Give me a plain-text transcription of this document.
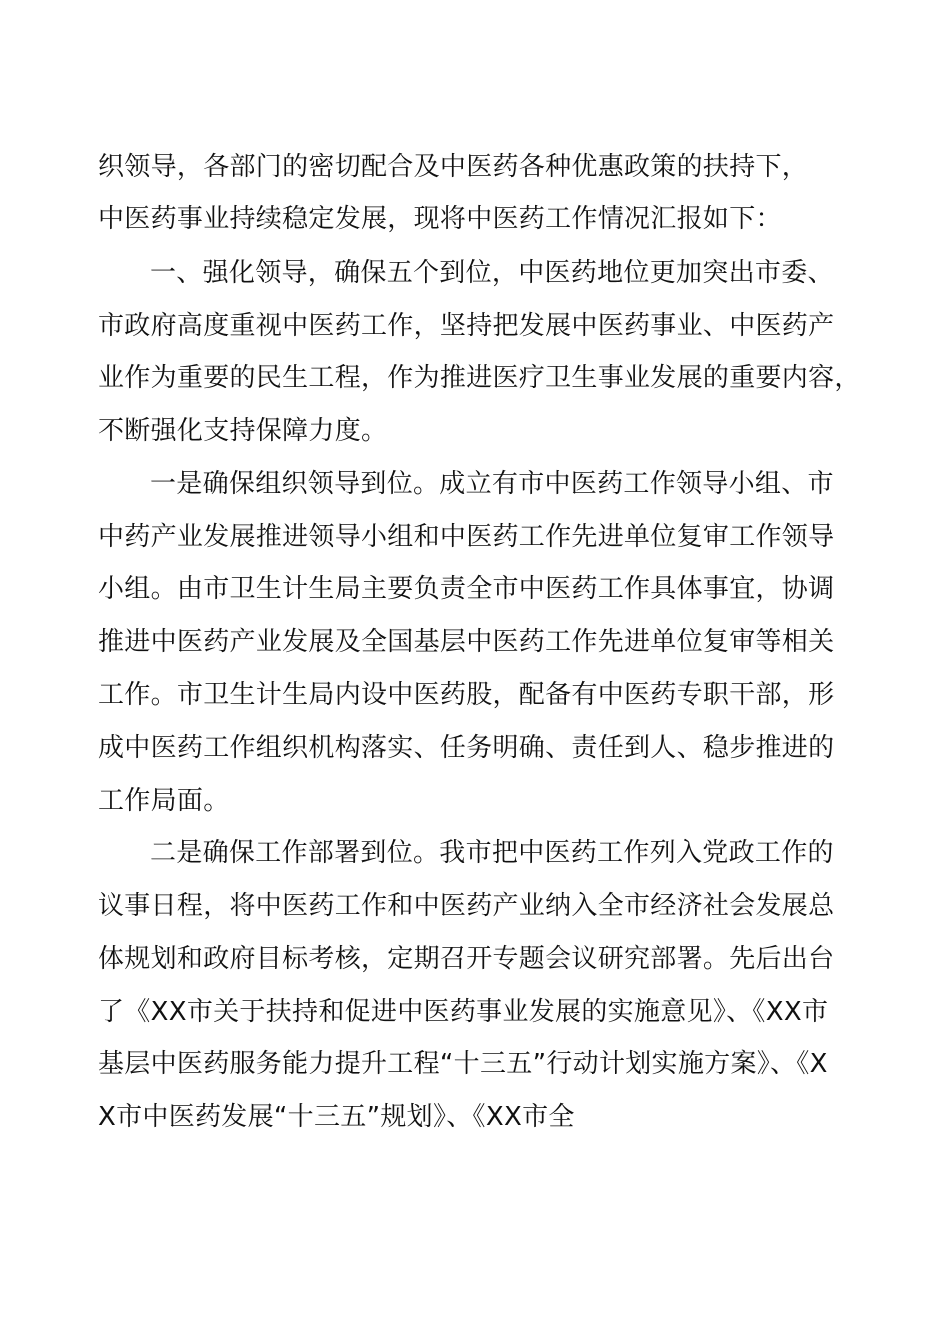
织领导，各部门的密切配合及中医药各种优惠政策的扶持下，
中医药事业持续稳定发展，现将中医药工作情况汇报如下：
一、强化领导，确保五个到位，中医药地位更加突出市委、
市政府高度重视中医药工作，坚持把发展中医药事业、中医药产
业作为重要的民生工程，作为推进医疗卫生事业发展的重要内容，
不断强化支持保障力度。
一是确保组织领导到位。成立有市中医药工作领导小组、市
中药产业发展推进领导小组和中医药工作先进单位复审工作领导
小组。由市卫生计生局主要负责全市中医药工作具体事宜，协调
推进中医药产业发展及全国基层中医药工作先进单位复审等相关
工作。市卫生计生局内设中医药股，配备有中医药专职干部，形
成中医药工作组织机构落实、任务明确、责任到人、稳步推进的
工作局面。
二是确保工作部署到位。我市把中医药工作列入党政工作的
议事日程，将中医药工作和中医药产业纳入全市经济社会发展总
体规划和政府目标考核，定期召开专题会议研究部署。先后出台
了《XX市关于扶持和促进中医药事业发展的实施意见》、《XX市
基层中医药服务能力提升工程“十三五”行动计划实施方案》、《X
X市中医药发展“十三五”规划》、《XX市全
